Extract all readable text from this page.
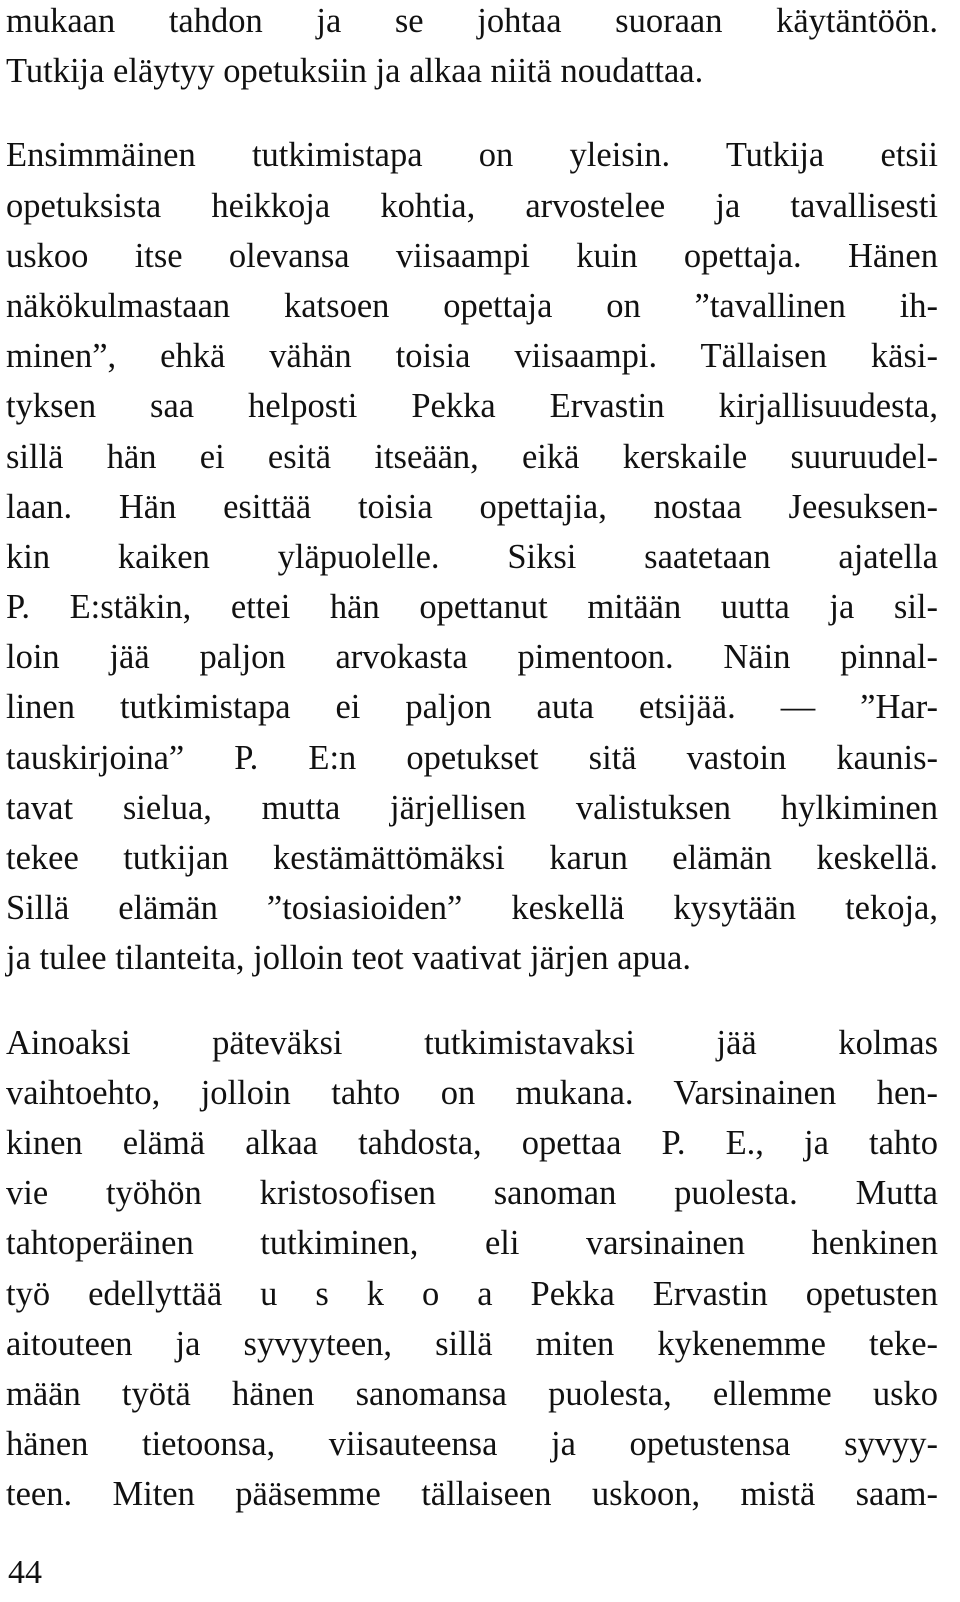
mukaan tahdon ja se johtaa suoraan käytäntöön.
Tutkija eläytyy opetuksiin ja alkaa niitä noudattaa.
Ensimmäinen tutkimistapa on yleisin. Tutkija etsii
opetuksista heikkoja kohtia, arvostelee ja tavallisesti
uskoo itse olevansa viisaampi kuin opettaja. Hänen
näkökulmastaan katsoen opettaja on ”tavallinen ih-
minen”, ehkä vähän toisia viisaampi. Tällaisen käsi-
tyksen saa helposti Pekka Ervastin kirjallisuudesta,
sillä hän ei esitä itseään, eikä kerskaile suuruudel-
laan. Hän esittää toisia opettajia, nostaa Jeesuksen-
kin kaiken yläpuolelle. Siksi saatetaan ajatella
P. E:stäkin, ettei hän opettanut mitään uutta ja sil-
loin jää paljon arvokasta pimentoon. Näin pinnal-
linen tutkimistapa ei paljon auta etsijää. — ”Har-
tauskirjoina” P. E:n opetukset sitä vastoin kaunis-
tavat sielua, mutta järjellisen valistuksen hylkiminen
tekee tutkijan kestämättömäksi karun elämän keskellä.
Sillä elämän ”tosiasioiden” keskellä kysytään tekoja,
ja tulee tilanteita, jolloin teot vaativat järjen apua.
Ainoaksi päteväksi tutkimistavaksi jää kolmas
vaihtoehto, jolloin tahto on mukana. Varsinainen hen-
kinen elämä alkaa tahdosta, opettaa P. E., ja tahto
vie työhön kristosofisen sanoman puolesta. Mutta
tahtoperäinen tutkiminen, eli varsinainen henkinen
työ edellyttää u s k o a Pekka Ervastin opetusten
aitouteen ja syvyyteen, sillä miten kykenemme teke-
mään työtä hänen sanomansa puolesta, ellemme usko
hänen tietoonsa, viisauteensa ja opetustensa syvyy-
teen. Miten pääsemme tällaiseen uskoon, mistä saam-
44
